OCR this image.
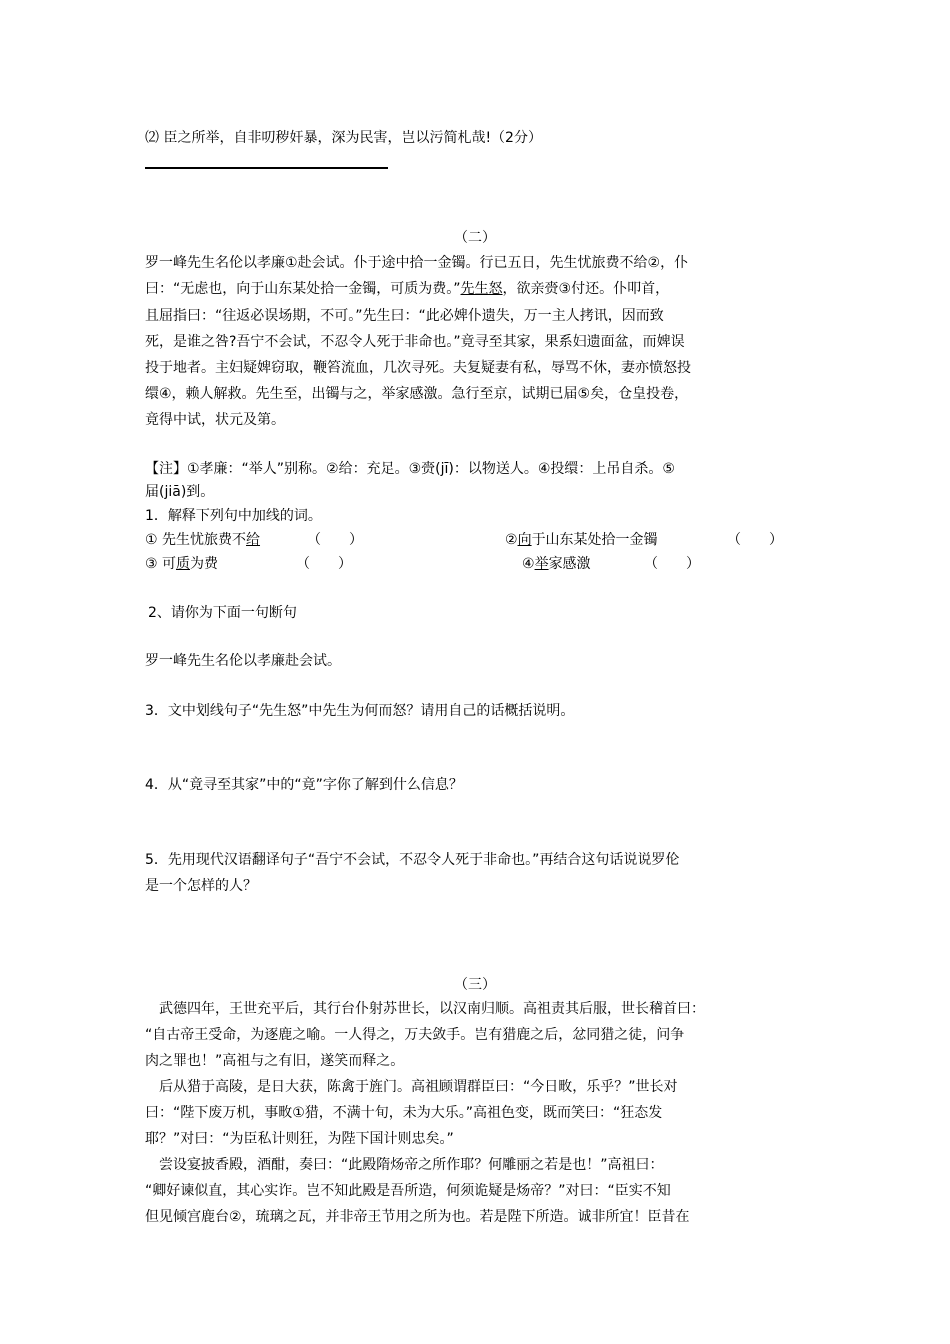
⑵ 臣之所举，自非叨秽奸暴，深为民害，岂以污简札哉!（2分）
（二）
罗一峰先生名伦以孝廉①赴会试。仆于途中拾一金镯。行已五日，先生忧旅费不给②，仆
曰：“无虑也，向于山东某处拾一金镯，可质为费。”先生怒，欲亲赍③付还。仆叩首，
且屈指曰：“往返必误场期，不可。”先生曰：“此必婢仆遗失，万一主人拷讯，因而致
死，是谁之咎?吾宁不会试，不忍令人死于非命也。”竟寻至其家，果系妇遗面盆，而婢误
投于地者。主妇疑婢窃取，鞭笞流血，几次寻死。夫复疑妻有私，辱骂不休，妻亦愤怒投
缳④，赖人解救。先生至，出镯与之，举家感激。急行至京，试期已届⑤矣，仓皇投卷，
竟得中试，状元及第。
【注】①孝廉：“举人”别称。②给：充足。③赍(jī)：以物送人。④投缳：上吊自杀。⑤
届(jiā)到。
1．解释下列句中加线的词。
① 先生忧旅费不给	（　　）	②向于山东某处拾一金镯	（　　）
③ 可质为费	（　　）	④举家感激	（　　）
2、请你为下面一句断句
罗一峰先生名伦以孝廉赴会试。
3．文中划线句子“先生怒”中先生为何而怒？请用自己的话概括说明。
4．从“竟寻至其家”中的“竟”字你了解到什么信息？
5．先用现代汉语翻译句子“吾宁不会试，不忍令人死于非命也。”再结合这句话说说罗伦
是一个怎样的人？
（三）
　武德四年，王世充平后，其行台仆射苏世长，以汉南归顺。高祖责其后服，世长稽首曰：
“自古帝王受命，为逐鹿之喻。一人得之，万夫敛手。岂有猎鹿之后，忿同猎之徒，问争
肉之罪也！”高祖与之有旧，遂笑而释之。
　后从猎于高陵，是日大获，陈禽于旌门。高祖顾谓群臣曰：“今日畋，乐乎？”世长对
曰：“陛下废万机，事畋①猎，不满十旬，未为大乐。”高祖色变，既而笑曰：“狂态发
耶？”对曰：“为臣私计则狂，为陛下国计则忠矣。”
　尝设宴披香殿，酒酣，奏曰：“此殿隋炀帝之所作耶？何雕丽之若是也！”高祖曰：
“卿好谏似直，其心实诈。岂不知此殿是吾所造，何须诡疑是炀帝？”对曰：“臣实不知
但见倾宫鹿台②，琉璃之瓦，并非帝王节用之所为也。若是陛下所造。诚非所宜！臣昔在
